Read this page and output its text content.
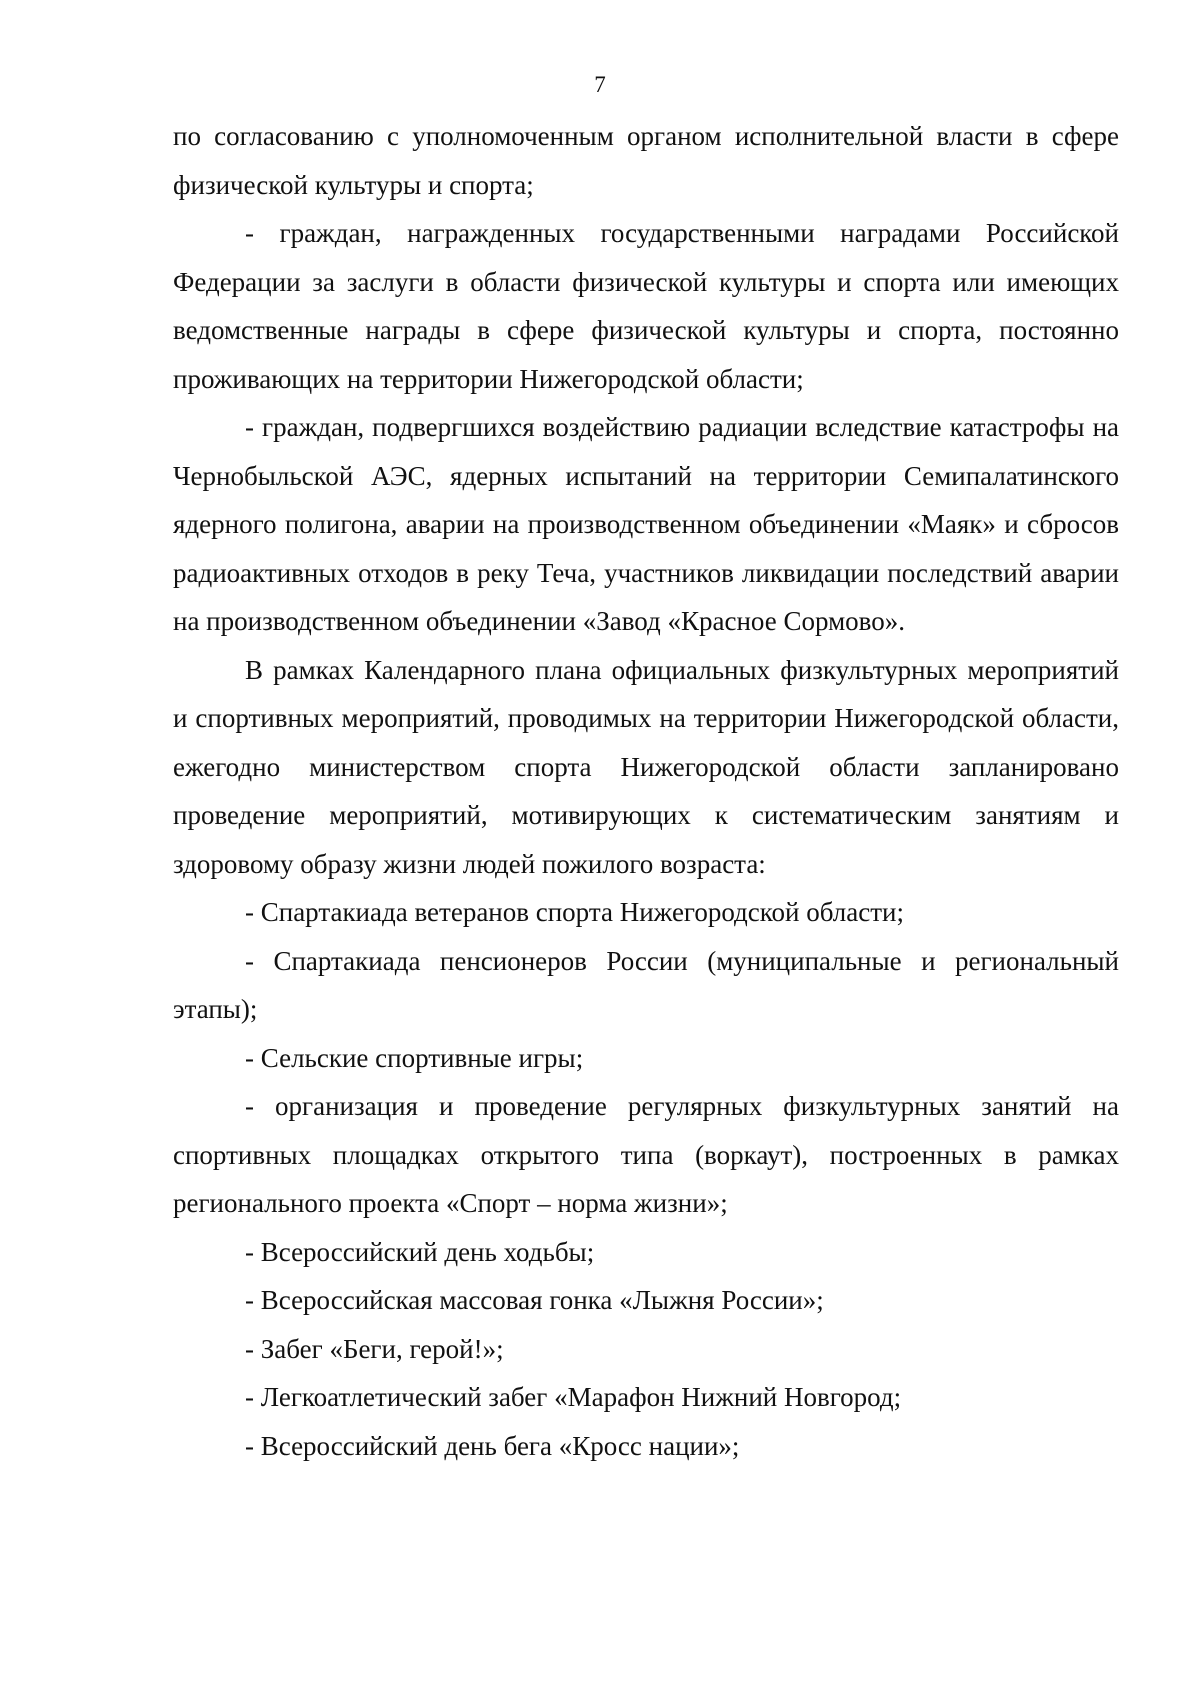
7

по согласованию с уполномоченным органом исполнительной власти в сфере физической культуры и спорта;

- граждан, награжденных государственными наградами Российской Федерации за заслуги в области физической культуры и спорта или имеющих ведомственные награды в сфере физической культуры и спорта, постоянно проживающих на территории Нижегородской области;

- граждан, подвергшихся воздействию радиации вследствие катастрофы на Чернобыльской АЭС, ядерных испытаний на территории Семипалатинского ядерного полигона, аварии на производственном объединении «Маяк» и сбросов радиоактивных отходов в реку Теча, участников ликвидации последствий аварии на производственном объединении «Завод «Красное Сормово».

В рамках Календарного плана официальных физкультурных мероприятий и спортивных мероприятий, проводимых на территории Нижегородской области, ежегодно министерством спорта Нижегородской области запланировано проведение мероприятий, мотивирующих к систематическим занятиям и здоровому образу жизни людей пожилого возраста:

- Спартакиада ветеранов спорта Нижегородской области;

- Спартакиада пенсионеров России (муниципальные и региональный этапы);

- Сельские спортивные игры;

- организация и проведение регулярных физкультурных занятий на спортивных площадках открытого типа (воркаут), построенных в рамках регионального проекта «Спорт – норма жизни»;

- Всероссийский день ходьбы;

- Всероссийская массовая гонка «Лыжня России»;

- Забег «Беги, герой!»;

- Легкоатлетический забег «Марафон Нижний Новгород;

- Всероссийский день бега «Кросс нации»;
